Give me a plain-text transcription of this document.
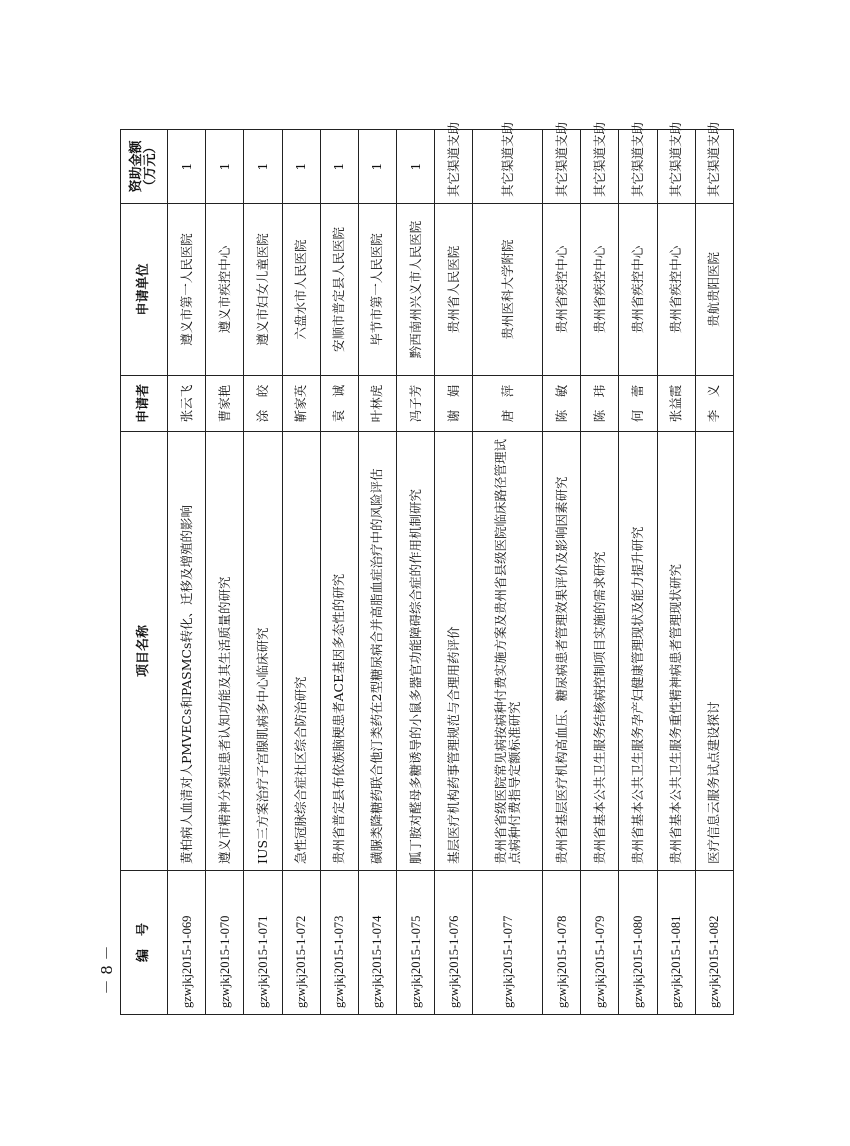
－ 8 －
编　号	项目名称	申请者	申请单位	资助金额
（万元）
gzwjkj2015-1-069	黄柏病人血清对人PMVECs和PASMCs转化、迁移及增殖的影响	张云飞	遵义市第一人民医院	1
gzwjkj2015-1-070	遵义市精神分裂症患者认知功能及其生活质量的研究	曹家艳	遵义市疾控中心	1
gzwjkj2015-1-071	IUS三方案治疗子宫腺肌病多中心临床研究	涂　皎	遵义市妇女儿童医院	1
gzwjkj2015-1-072	急性冠脉综合症社区综合防治研究	靳家英	六盘水市人民医院	1
gzwjkj2015-1-073	贵州省普定县布依族脑梗患者ACE基因多态性的研究	袁　诚	安顺市普定县人民医院	1
gzwjkj2015-1-074	磺脲类降糖药联合他汀类药在2型糖尿病合并高脂血症治疗中的风险评估	叶林虎	毕节市第一人民医院	1
gzwjkj2015-1-075	胍丁胺对醛母多糖诱导的小鼠多器官功能障碍综合症的作用机制研究	冯子芳	黔西南州兴义市人民医院	1
gzwjkj2015-1-076	基层医疗机构药事管理规范与合理用药评价	谢　娟	贵州省人民医院	其它渠道支助
gzwjkj2015-1-077	贵州省省级医院常见病按病种付费实施方案及贵州省县级医院临床路径管理试点病种付费指导定额标准研究	唐　萍	贵州医科大学附院	其它渠道支助
gzwjkj2015-1-078	贵州省基层医疗机构高血压、糖尿病患者管理效果评价及影响因素研究	陈　敏	贵州省疾控中心	其它渠道支助
gzwjkj2015-1-079	贵州省基本公共卫生服务结核病控制项目实施的需求研究	陈　玮	贵州省疾控中心	其它渠道支助
gzwjkj2015-1-080	贵州省基本公共卫生服务孕产妇健康管理现状及能力提升研究	何　蕾	贵州省疾控中心	其它渠道支助
gzwjkj2015-1-081	贵州省基本公共卫生服务重性精神病患者管理现状研究	张益霞	贵州省疾控中心	其它渠道支助
gzwjkj2015-1-082	医疗信息云服务试点建设探讨	李　义	贵航贵阳医院	其它渠道支助
